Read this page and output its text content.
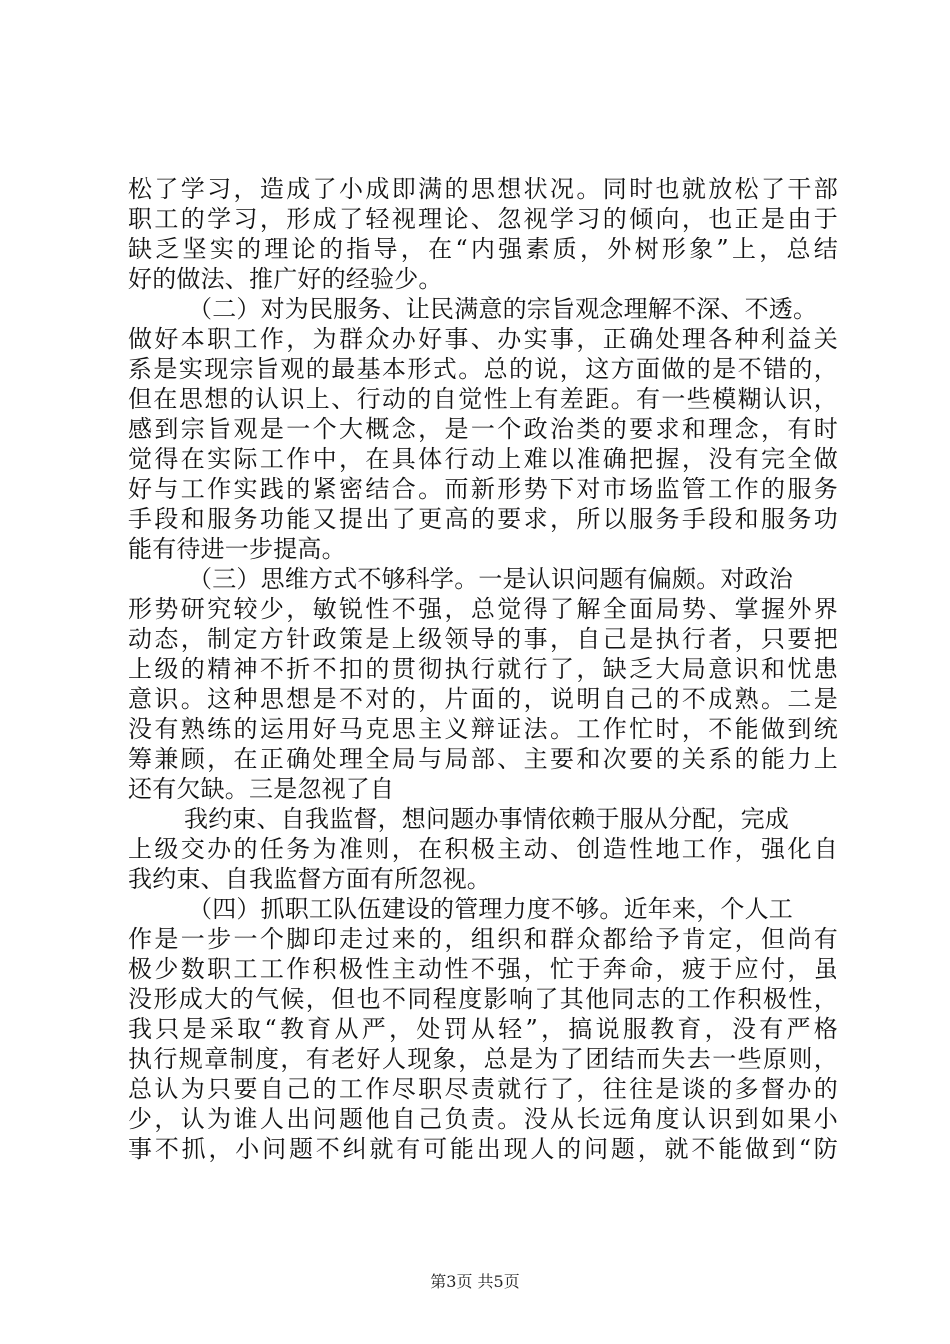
松了学习，造成了小成即满的思想状况。同时也就放松了干部
职工的学习，形成了轻视理论、忽视学习的倾向，也正是由于
缺乏坚实的理论的指导，在“内强素质，外树形象”上，总结
好的做法、推广好的经验少。
（二）对为民服务、让民满意的宗旨观念理解不深、不透。
做好本职工作，为群众办好事、办实事，正确处理各种利益关
系是实现宗旨观的最基本形式。总的说，这方面做的是不错的，
但在思想的认识上、行动的自觉性上有差距。有一些模糊认识，
感到宗旨观是一个大概念，是一个政治类的要求和理念，有时
觉得在实际工作中，在具体行动上难以准确把握，没有完全做
好与工作实践的紧密结合。而新形势下对市场监管工作的服务
手段和服务功能又提出了更高的要求，所以服务手段和服务功
能有待进一步提高。
（三）思维方式不够科学。一是认识问题有偏颇。对政治
形势研究较少，敏锐性不强，总觉得了解全面局势、掌握外界
动态，制定方针政策是上级领导的事，自己是执行者，只要把
上级的精神不折不扣的贯彻执行就行了，缺乏大局意识和忧患
意识。这种思想是不对的，片面的，说明自己的不成熟。二是
没有熟练的运用好马克思主义辩证法。工作忙时，不能做到统
筹兼顾，在正确处理全局与局部、主要和次要的关系的能力上
还有欠缺。三是忽视了自
我约束、自我监督，想问题办事情依赖于服从分配，完成
上级交办的任务为准则，在积极主动、创造性地工作，强化自
我约束、自我监督方面有所忽视。
（四）抓职工队伍建设的管理力度不够。近年来，个人工
作是一步一个脚印走过来的，组织和群众都给予肯定，但尚有
极少数职工工作积极性主动性不强，忙于奔命，疲于应付，虽
没形成大的气候，但也不同程度影响了其他同志的工作积极性，
我只是采取“教育从严，处罚从轻”，搞说服教育，没有严格
执行规章制度，有老好人现象，总是为了团结而失去一些原则，
总认为只要自己的工作尽职尽责就行了，往往是谈的多督办的
少，认为谁人出问题他自己负责。没从长远角度认识到如果小
事不抓，小问题不纠就有可能出现人的问题，就不能做到“防
第3页 共5页
